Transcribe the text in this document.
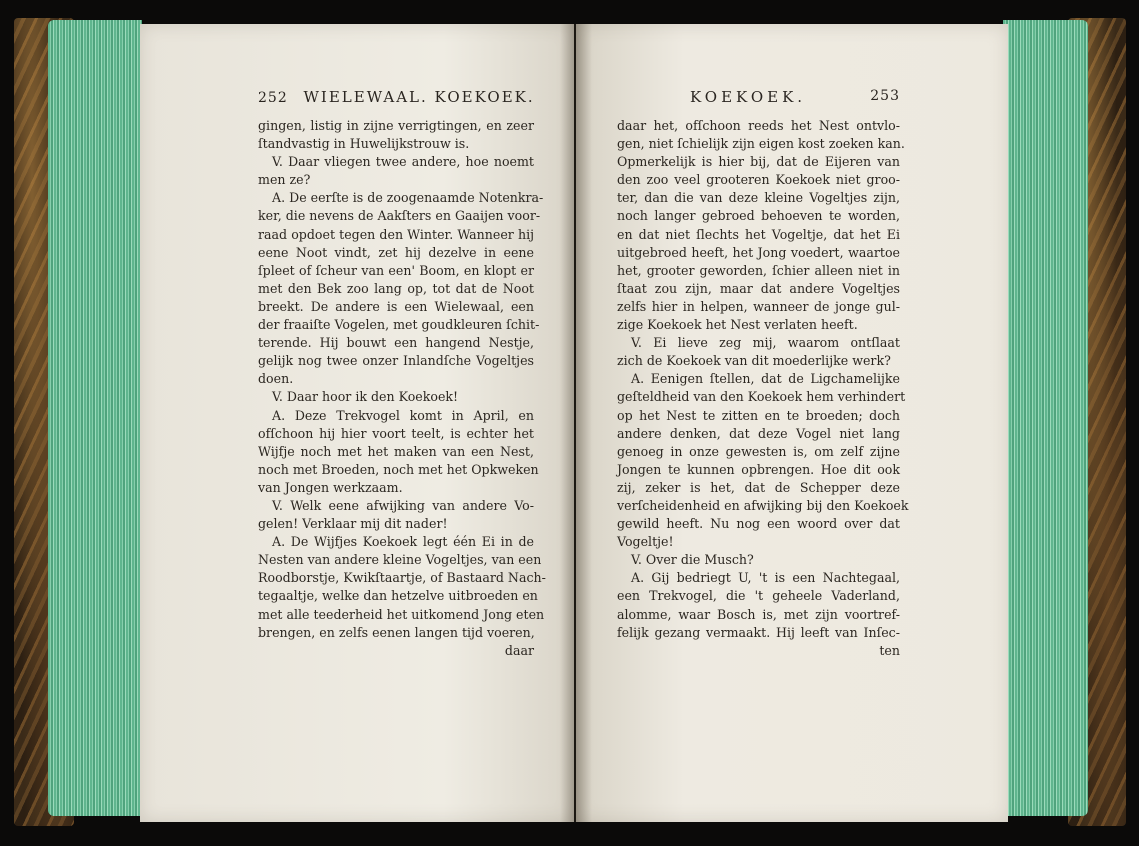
252 WIELEWAAL. KOEKOEK.	KOEKOEK.	253
gingen, listig in zijne verrigtingen, en zeer
ſtandvastig in Huwelijkstrouw is.
V. Daar vliegen twee andere, hoe noemt
men ze?
A. De eerſte is de zoogenaamde Notenkra-
ker, die nevens de Aakſters en Gaaijen voor-
raad opdoet tegen den Winter. Wanneer hij
eene Noot vindt, zet hij dezelve in eene
ſpleet of ſcheur van een' Boom, en klopt er
met den Bek zoo lang op, tot dat de Noot
breekt. De andere is een Wielewaal, een
der fraaiſte Vogelen, met goudkleuren ſchit-
terende. Hij bouwt een hangend Nestje,
gelijk nog twee onzer Inlandſche Vogeltjes
doen.
V. Daar hoor ik den Koekoek!
A. Deze Trekvogel komt in April, en
ofſchoon hij hier voort teelt, is echter het
Wijfje noch met het maken van een Nest,
noch met Broeden, noch met het Opkweken
van Jongen werkzaam.
V. Welk eene afwijking van andere Vo-
gelen! Verklaar mij dit nader!
A. De Wijfjes Koekoek legt één Ei in de
Nesten van andere kleine Vogeltjes, van een
Roodborstje, Kwikſtaartje, of Bastaard Nach-
tegaaltje, welke dan hetzelve uitbroeden en
met alle teederheid het uitkomend Jong eten
brengen, en zelfs eenen langen tijd voeren,
daar
daar het, ofſchoon reeds het Nest ontvlo-
gen, niet ſchielijk zijn eigen kost zoeken kan.
Opmerkelijk is hier bij, dat de Eijeren van
den zoo veel grooteren Koekoek niet groo-
ter, dan die van deze kleine Vogeltjes zijn,
noch langer gebroed behoeven te worden,
en dat niet ſlechts het Vogeltje, dat het Ei
uitgebroed heeft, het Jong voedert, waartoe
het, grooter geworden, ſchier alleen niet in
ſtaat zou zijn, maar dat andere Vogeltjes
zelfs hier in helpen, wanneer de jonge gul-
zige Koekoek het Nest verlaten heeft.
V. Ei lieve zeg mij, waarom ontſlaat
zich de Koekoek van dit moederlijke werk?
A. Eenigen ſtellen, dat de Ligchamelijke
geſteldheid van den Koekoek hem verhindert
op het Nest te zitten en te broeden; doch
andere denken, dat deze Vogel niet lang
genoeg in onze gewesten is, om zelf zijne
Jongen te kunnen opbrengen. Hoe dit ook
zij, zeker is het, dat de Schepper deze
verſcheidenheid en afwijking bij den Koekoek
gewild heeft. Nu nog een woord over dat
Vogeltje!
V. Over die Musch?
A. Gij bedriegt U, 't is een Nachtegaal,
een Trekvogel, die 't geheele Vaderland,
alomme, waar Bosch is, met zijn voortref-
felijk gezang vermaakt. Hij leeft van Inſec-
ten
